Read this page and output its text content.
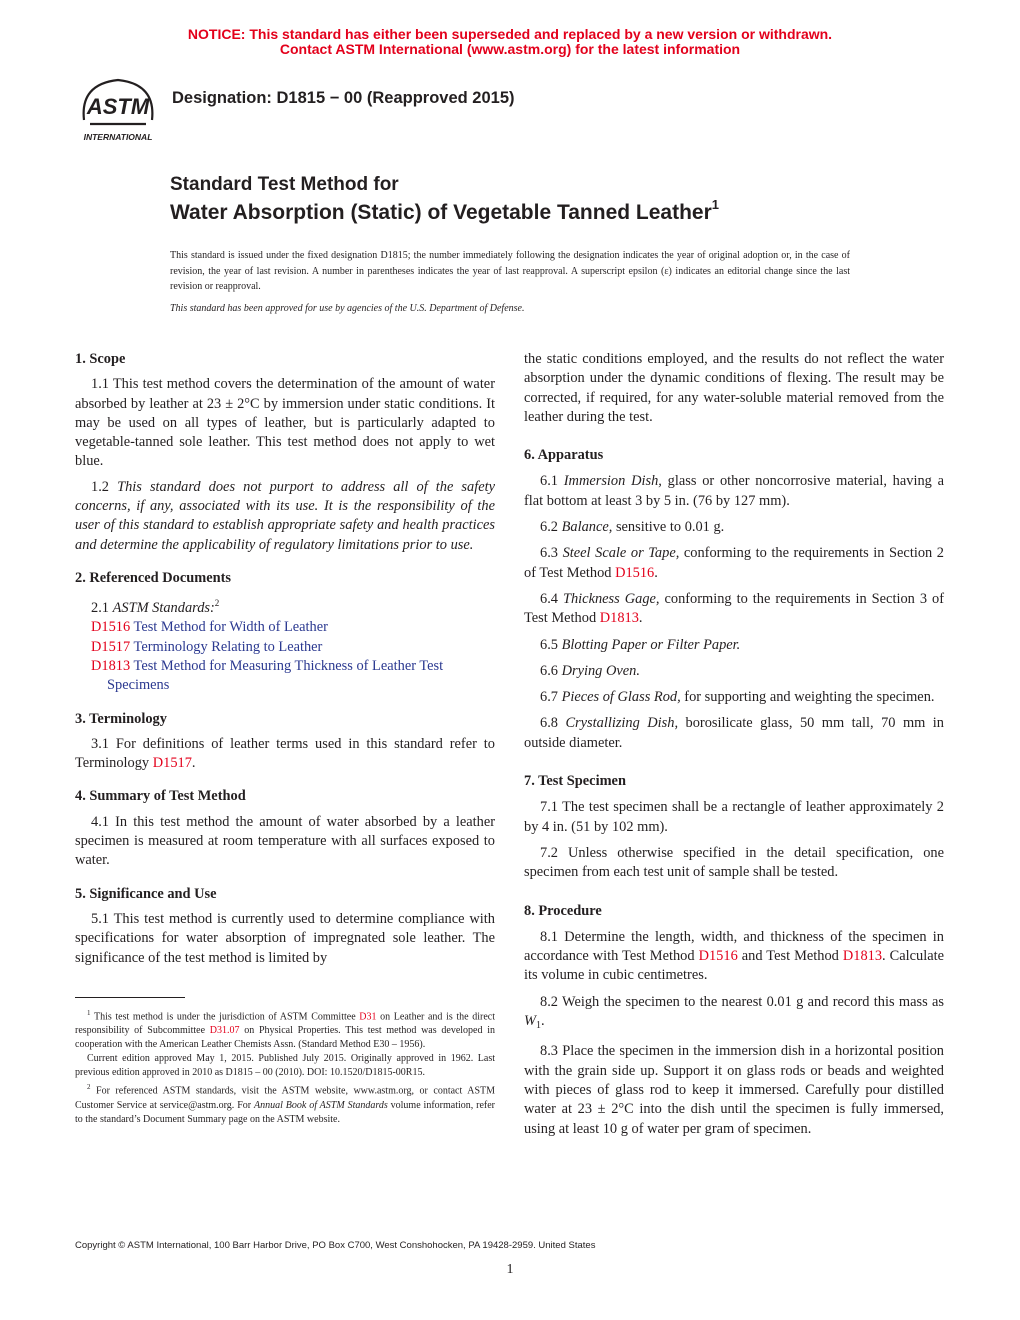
NOTICE: This standard has either been superseded and replaced by a new version or withdrawn.
Contact ASTM International (www.astm.org) for the latest information
ASTM
INTERNATIONAL
Designation: D1815 − 00 (Reapproved 2015)
Standard Test Method for
Water Absorption (Static) of Vegetable Tanned Leather$^1$
This standard is issued under the fixed designation D1815; the number immediately following the designation indicates the year of original adoption or, in the case of revision, the year of last revision. A number in parentheses indicates the year of last reapproval. A superscript epsilon (ε) indicates an editorial change since the last revision or reapproval.
This standard has been approved for use by agencies of the U.S. Department of Defense.

1. Scope

1.1 This test method covers the determination of the amount of water absorbed by leather at 23 ± 2°C by immersion under static conditions. It may be used on all types of leather, but is particularly adapted to vegetable-tanned sole leather. This test method does not apply to wet blue.

1.2 This standard does not purport to address all of the safety concerns, if any, associated with its use. It is the responsibility of the user of this standard to establish appropriate safety and health practices and determine the applicability of regulatory limitations prior to use.

2. Referenced Documents

2.1 ASTM Standards:$^2$

D1516 Test Method for Width of Leather

D1517 Terminology Relating to Leather

D1813 Test Method for Measuring Thickness of Leather Test Specimens

3. Terminology

3.1 For definitions of leather terms used in this standard refer to Terminology D1517.

4. Summary of Test Method

4.1 In this test method the amount of water absorbed by a leather specimen is measured at room temperature with all surfaces exposed to water.

5. Significance and Use

5.1 This test method is currently used to determine compliance with specifications for water absorption of impregnated sole leather. The significance of the test method is limited by

$^1$ This test method is under the jurisdiction of ASTM Committee D31 on Leather and is the direct responsibility of Subcommittee D31.07 on Physical Properties. This test method was developed in cooperation with the American Leather Chemists Assn. (Standard Method E30 – 1956).

Current edition approved May 1, 2015. Published July 2015. Originally approved in 1962. Last previous edition approved in 2010 as D1815 – 00 (2010). DOI: 10.1520/D1815-00R15.

$^2$ For referenced ASTM standards, visit the ASTM website, www.astm.org, or contact ASTM Customer Service at service@astm.org. For Annual Book of ASTM Standards volume information, refer to the standard’s Document Summary page on the ASTM website.

the static conditions employed, and the results do not reflect the water absorption under the dynamic conditions of flexing. The result may be corrected, if required, for any water-soluble material removed from the leather during the test.

6. Apparatus

6.1 Immersion Dish, glass or other noncorrosive material, having a flat bottom at least 3 by 5 in. (76 by 127 mm).

6.2 Balance, sensitive to 0.01 g.

6.3 Steel Scale or Tape, conforming to the requirements in Section 2 of Test Method D1516.

6.4 Thickness Gage, conforming to the requirements in Section 3 of Test Method D1813.

6.5 Blotting Paper or Filter Paper.

6.6 Drying Oven.

6.7 Pieces of Glass Rod, for supporting and weighting the specimen.

6.8 Crystallizing Dish, borosilicate glass, 50 mm tall, 70 mm in outside diameter.

7. Test Specimen

7.1 The test specimen shall be a rectangle of leather approximately 2 by 4 in. (51 by 102 mm).

7.2 Unless otherwise specified in the detail specification, one specimen from each test unit of sample shall be tested.

8. Procedure

8.1 Determine the length, width, and thickness of the specimen in accordance with Test Method D1516 and Test Method D1813. Calculate its volume in cubic centimetres.

8.2 Weigh the specimen to the nearest 0.01 g and record this mass as $W_1$.

8.3 Place the specimen in the immersion dish in a horizontal position with the grain side up. Support it on glass rods or beads and weighted with pieces of glass rod to keep it immersed. Carefully pour distilled water at 23 ± 2°C into the dish until the specimen is fully immersed, using at least 10 g of water per gram of specimen.

Copyright © ASTM International, 100 Barr Harbor Drive, PO Box C700, West Conshohocken, PA 19428-2959. United States
1
